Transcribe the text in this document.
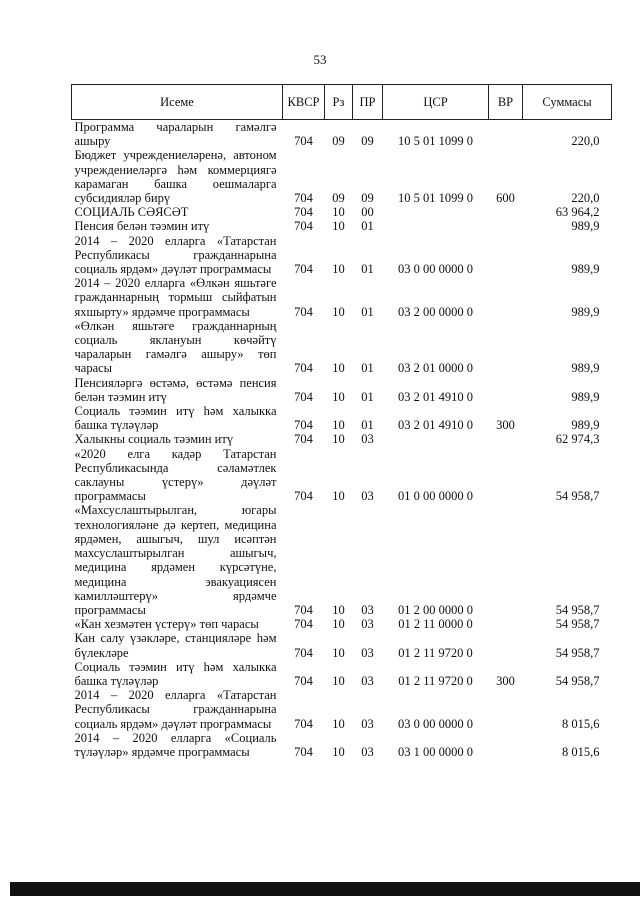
53
Исеме	КВСР	Рз	ПР	ЦСР	ВР	Суммасы
Программа чараларын гамәлгә ашыру	704	09	09	10 5 01 1099 0		220,0
Бюджет учреждениеләренә, автоном учреждениеләргә һәм коммерциягә карамаган башка оешмаларга субсидияләр бирү	704	09	09	10 5 01 1099 0	600	220,0
СОЦИАЛЬ СӘЯСӘТ	704	10	00			63 964,2
Пенсия белән тәэмин итү	704	10	01			989,9
2014 – 2020 елларга «Татарстан Республикасы гражданнарына социаль ярдәм» дәүләт программасы	704	10	01	03 0 00 0000 0		989,9
2014 – 2020 елларга «Өлкән яшьтәге гражданнарның тормыш сыйфатын яхшырту» ярдәмче программасы	704	10	01	03 2 00 0000 0		989,9
«Өлкән яшьтәге гражданнарның социаль яклануын көчәйтү чараларын гамәлгә ашыру» төп чарасы	704	10	01	03 2 01 0000 0		989,9
Пенсияләргә өстәмә, өстәмә пенсия белән тәэмин итү	704	10	01	03 2 01 4910 0		989,9
Социаль тәэмин итү һәм халыкка башка түләүләр	704	10	01	03 2 01 4910 0	300	989,9
Халыкны социаль тәэмин итү	704	10	03			62 974,3
«2020 елга кадәр Татарстан Республикасында сәламәтлек саклауны үстерү» дәүләт программасы	704	10	03	01 0 00 0000 0		54 958,7
«Махсуслаштырылган, югары технологияләне дә кертеп, медицина ярдәмен, ашыгыч, шул исәптән махсуслаштырылган ашыгыч, медицина ярдәмен күрсәтүне, медицина эвакуациясен камилләштерү» ярдәмче программасы	704	10	03	01 2 00 0000 0		54 958,7
«Кан хезмәтен үстерү» төп чарасы	704	10	03	01 2 11 0000 0		54 958,7
Кан салу үзәкләре, станцияләре һәм бүлекләре	704	10	03	01 2 11 9720 0		54 958,7
Социаль тәэмин итү һәм халыкка башка түләүләр	704	10	03	01 2 11 9720 0	300	54 958,7
2014 – 2020 елларга «Татарстан Республикасы гражданнарына социаль ярдәм» дәүләт программасы	704	10	03	03 0 00 0000 0		8 015,6
2014 – 2020 елларга «Социаль түләүләр» ярдәмче программасы	704	10	03	03 1 00 0000 0		8 015,6
